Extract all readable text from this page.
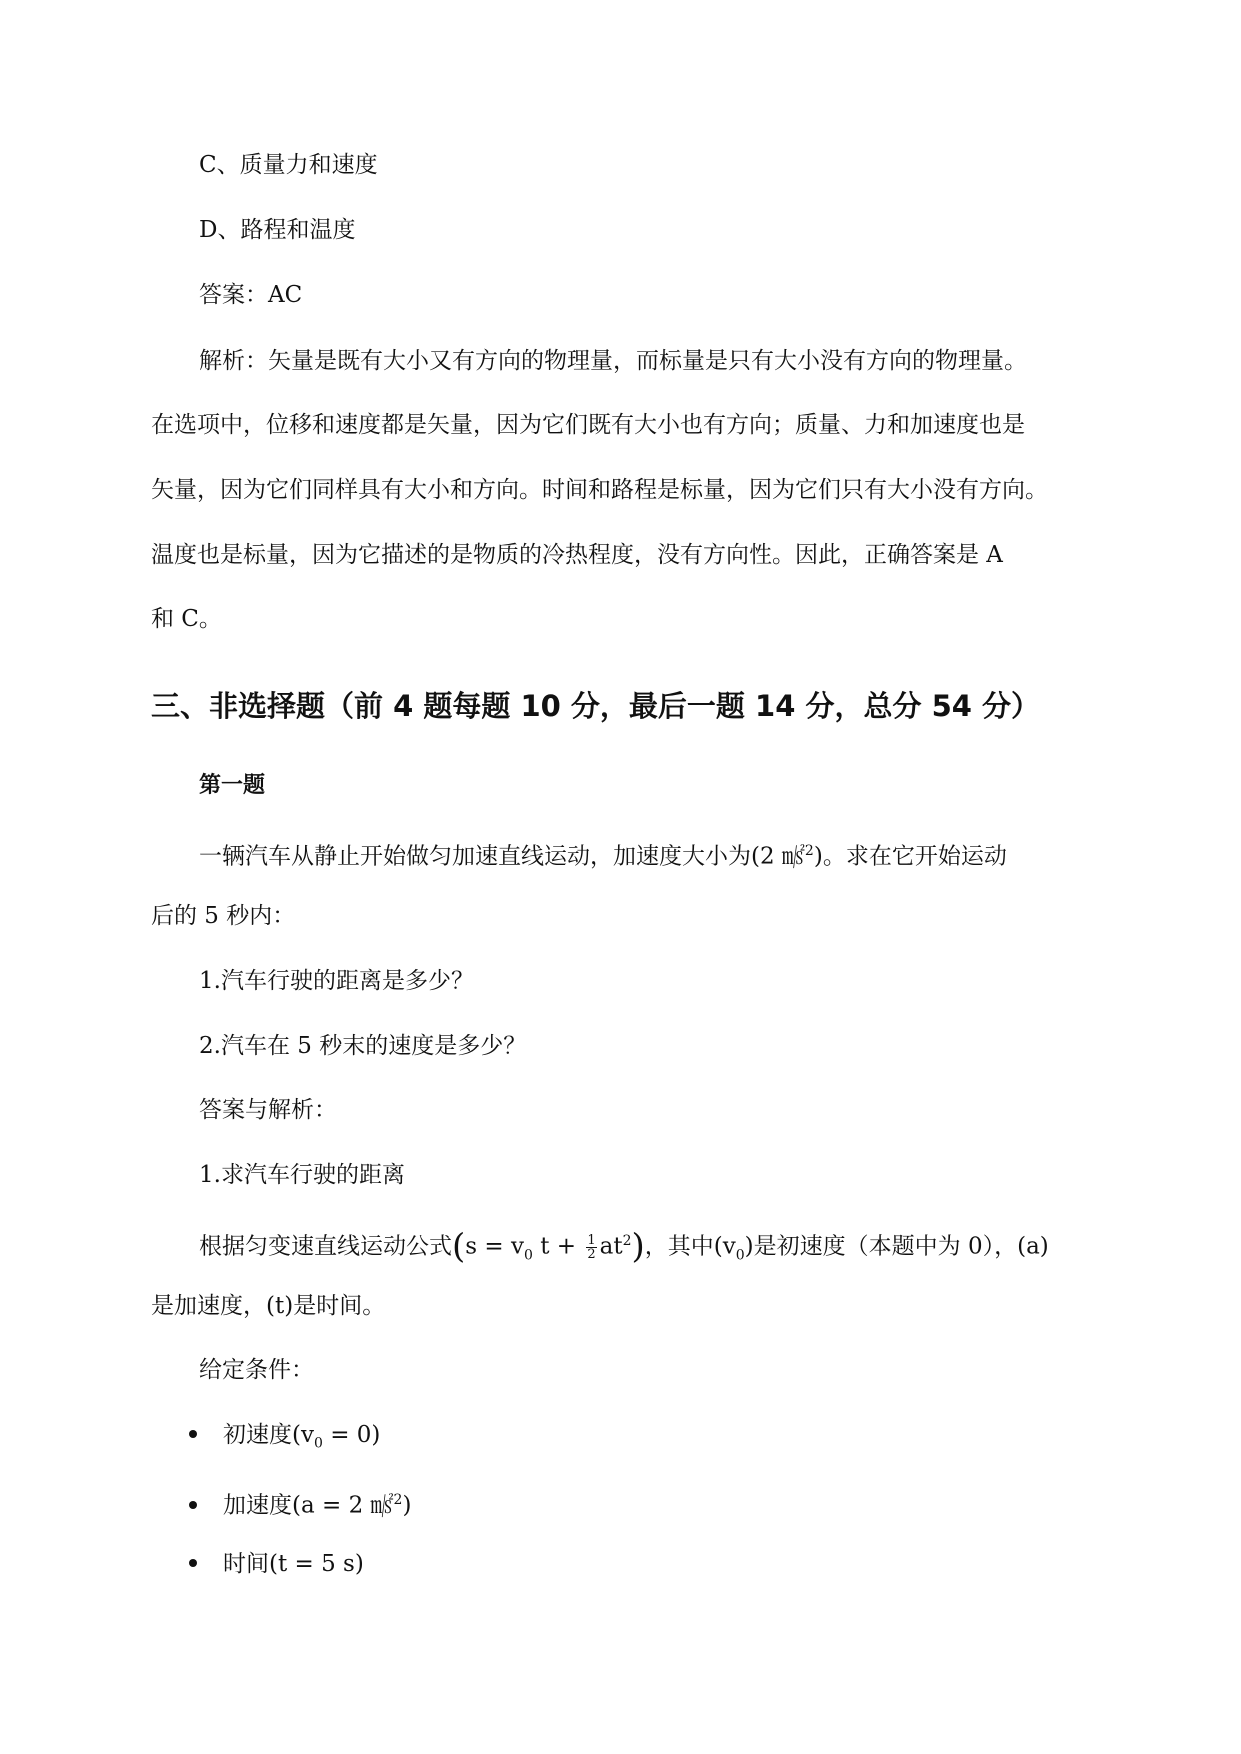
C、质量力和速度
D、路程和温度
答案：AC
解析：矢量是既有大小又有方向的物理量，而标量是只有大小没有方向的物理量。
在选项中，位移和速度都是矢量，因为它们既有大小也有方向；质量、力和加速度也是
矢量，因为它们同样具有大小和方向。时间和路程是标量，因为它们只有大小没有方向。
温度也是标量，因为它描述的是物质的冷热程度，没有方向性。因此，正确答案是 A
和 C。
三、非选择题（前 4 题每题 10 分，最后一题 14 分，总分 54 分）
第一题
一辆汽车从静止开始做匀加速直线运动，加速度大小为(2 ㎨$^2$)。求在它开始运动
后的 5 秒内：
1.汽车行驶的距离是多少？
2.汽车在 5 秒末的速度是多少？
答案与解析：
1.求汽车行驶的距离
根据匀变速直线运动公式($s = v_0$ $t + \frac{1}{2} at^2$)，其中$(v_0)$是初速度（本题中为 0），(a)
是加速度，(t)是时间。
给定条件：
初速度$(v_0 = 0)$
加速度(a = 2 ㎨$^2$)
时间(t = 5 s)
